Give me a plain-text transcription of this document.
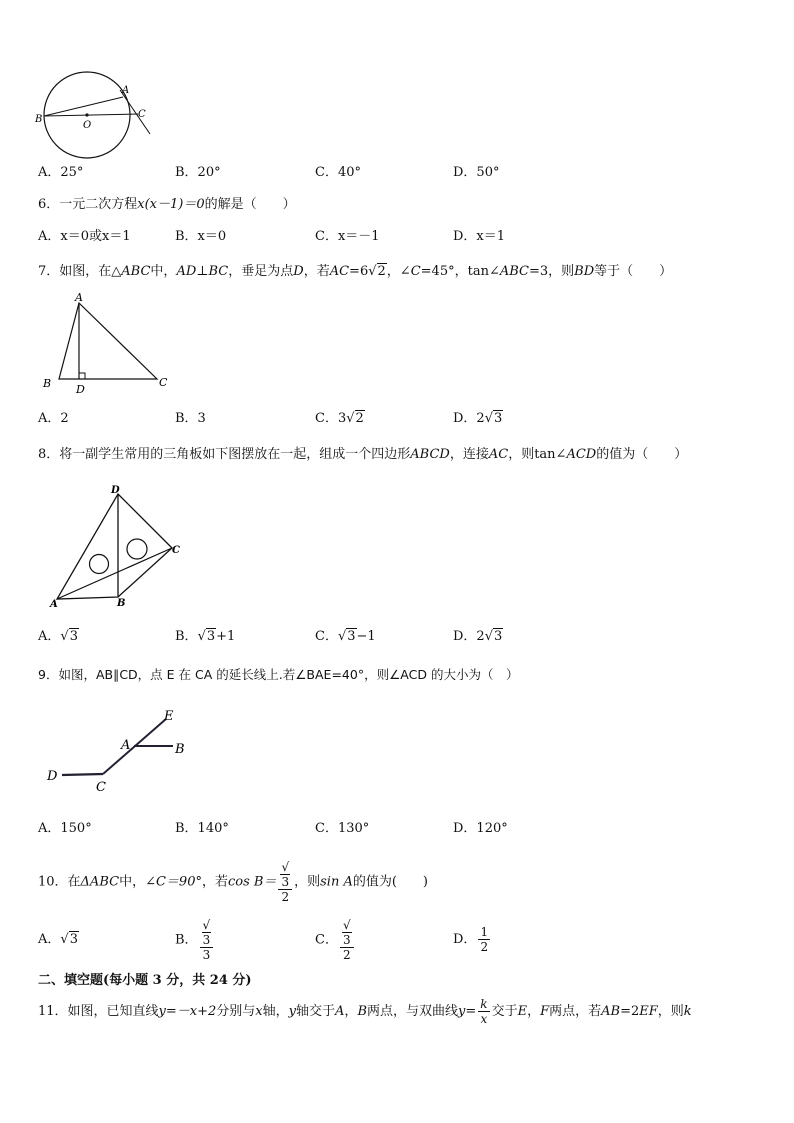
A
B	C
O
A．25°	B．20°	C．40°	D．50°
6．一元二次方程x(x－1)＝0的解是（　　）
A．x＝0或x＝1	B．x＝0	C．x＝－1	D．x＝1
7．如图，在△ABC中，AD⊥BC，垂足为点D，若AC=6√2，∠C=45°，tan∠ABC=3，则BD等于（　　）
A
B	C
D
A．2	B．3	C．3√2	D．2√3
8．将一副学生常用的三角板如下图摆放在一起，组成一个四边形ABCD，连接AC，则tan∠ACD的值为（　　）
D
C
A	B
A．√3	B．√3+1	C．√3−1	D．2√3
9．如图，AB∥CD，点 E 在 CA 的延长线上.若∠BAE=40°，则∠ACD 的大小为（　）
E
A	B
C
D
A．150°	B．140°	C．130°	D．120°
10．在ΔABC中，∠C＝90°，若cos B＝ √
3
2 ，则sin A的值为(　　)
A．√3	B． √
3
3	C． √
3
2	D． $\frac{1}{2}$
二、填空题(每小题 3 分，共 24 分)
11．如图，已知直线y=－x+2分别与x轴，y轴交于A，B两点，与双曲线$y= \frac{k}{x}$ 交于E，F两点，若AB=2EF，则k
